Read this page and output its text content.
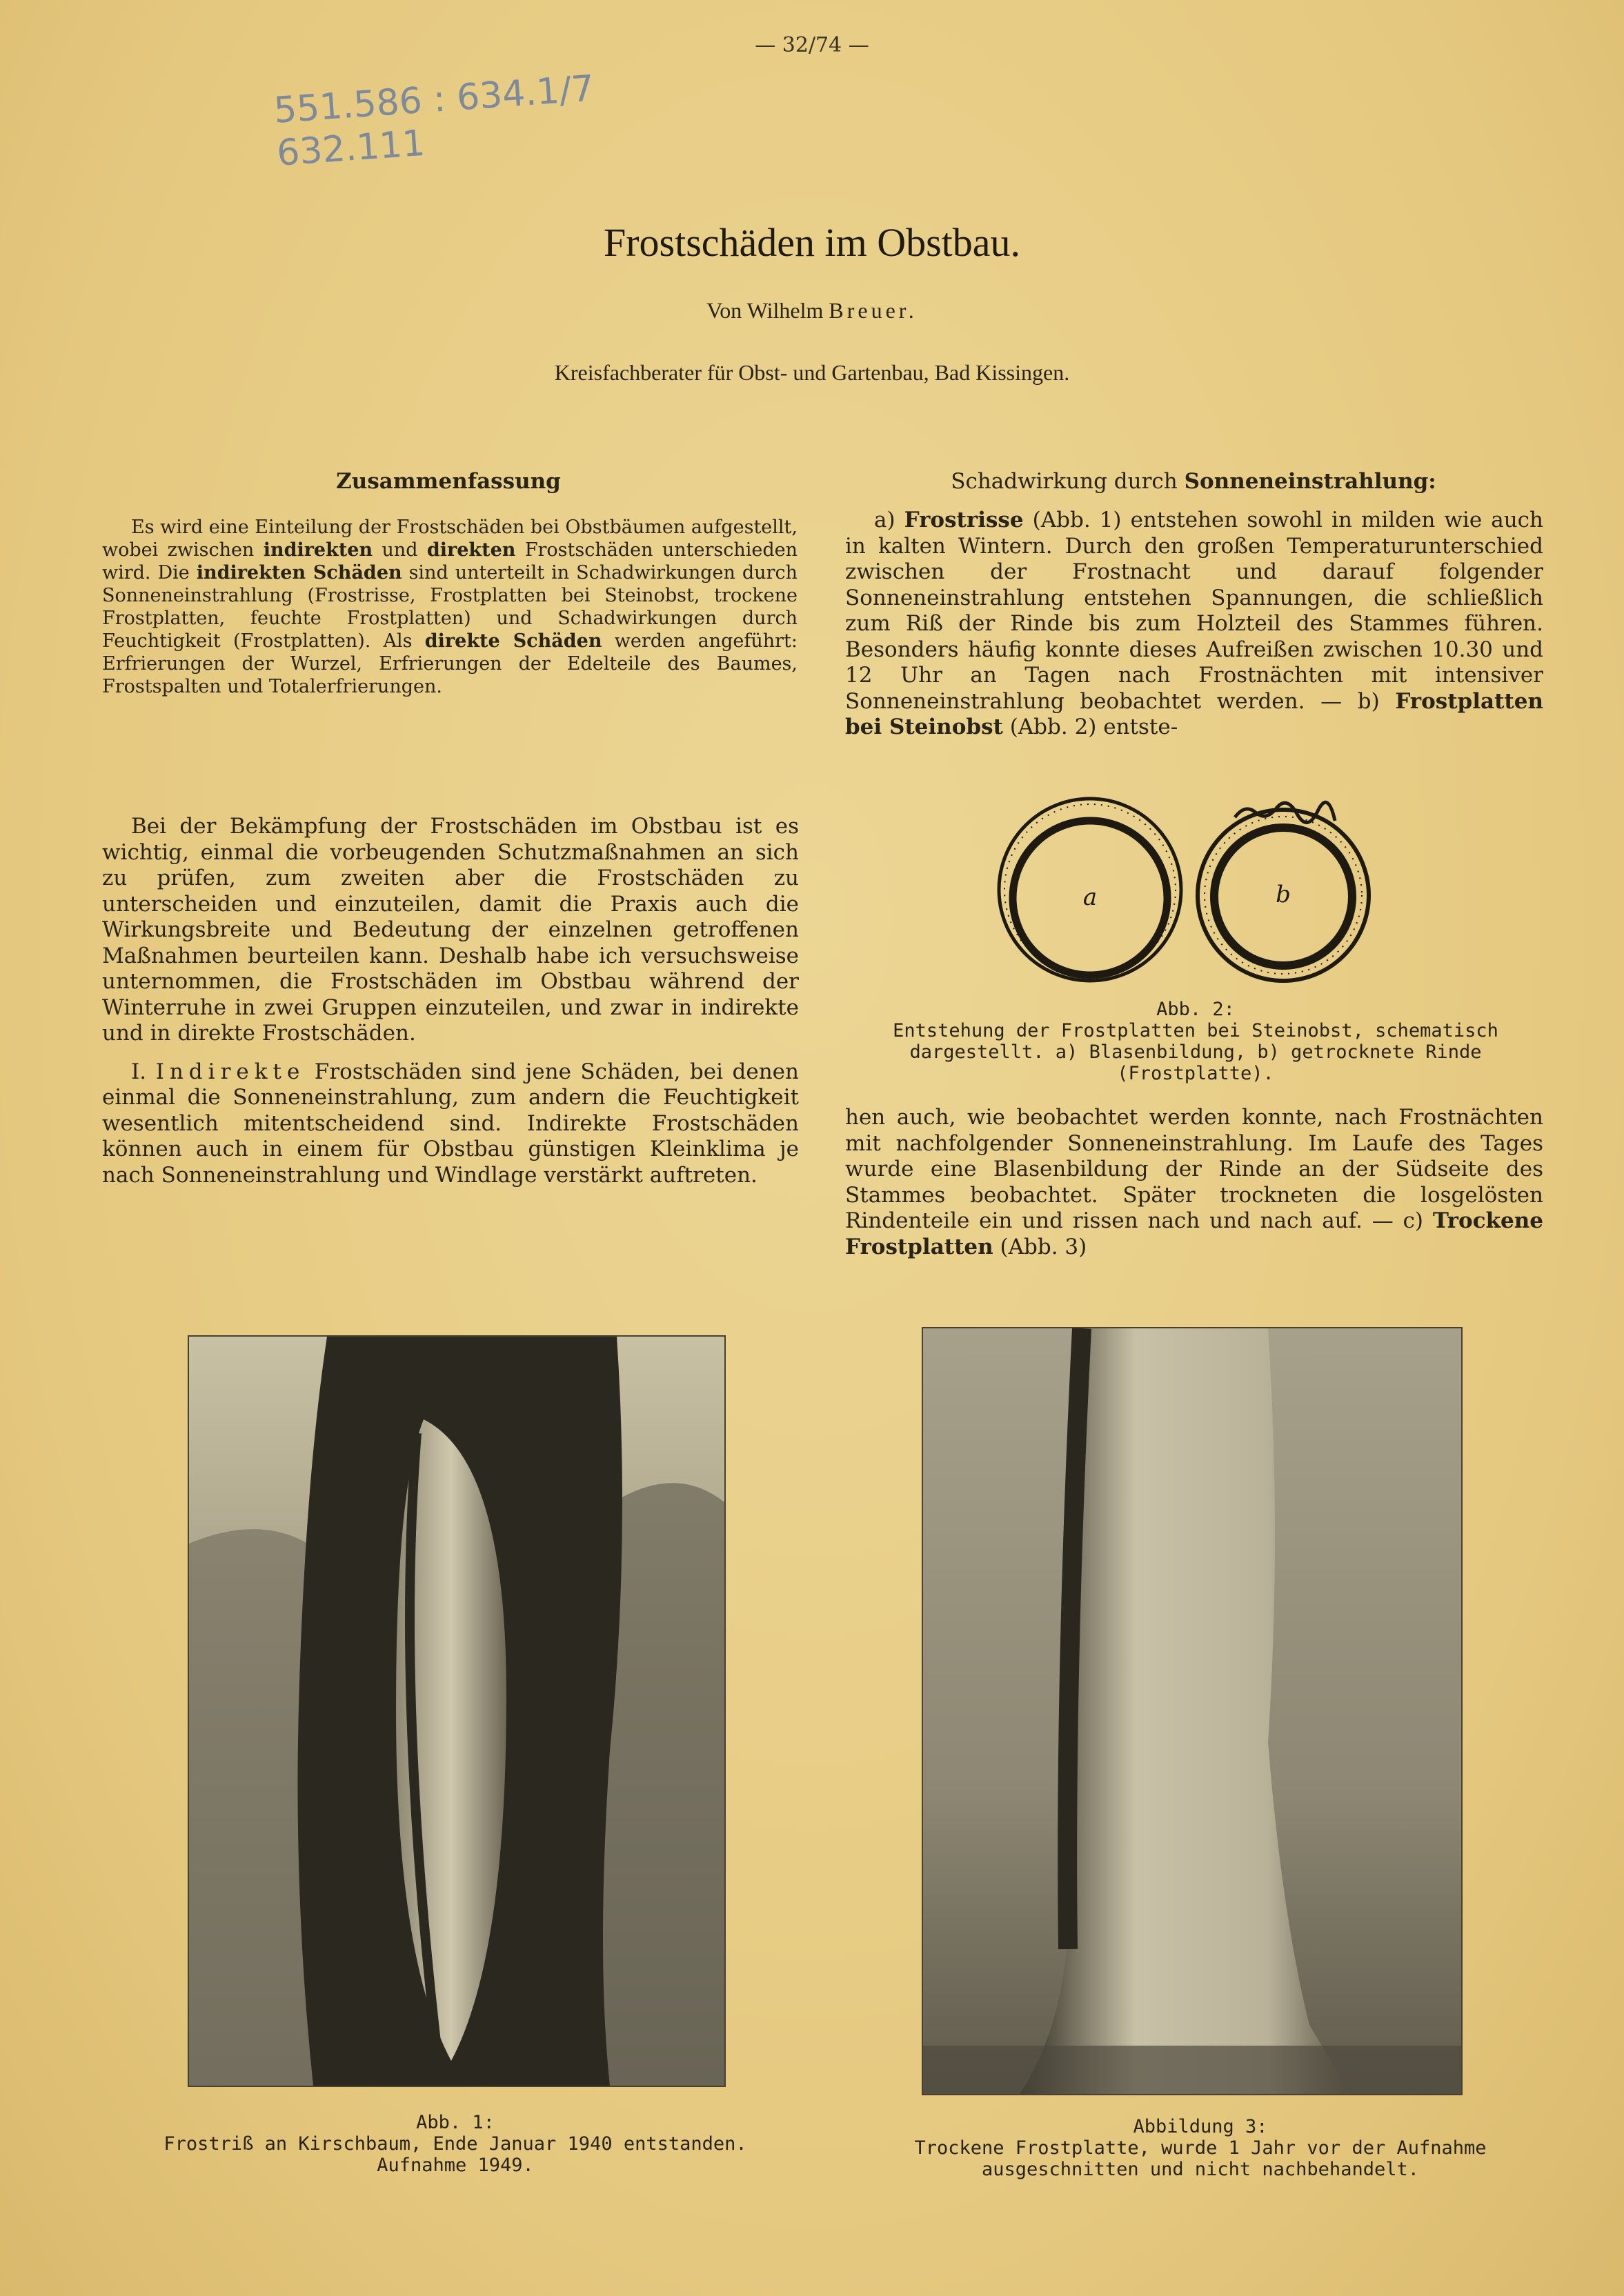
— 32/74 —
551.586 : 634.1/7
632.111
Frostschäden im Obstbau.
Von Wilhelm Breuer.
Kreisfachberater für Obst- und Gartenbau, Bad Kissingen.
Zusammenfassung

Es wird eine Einteilung der Frostschäden bei Obstbäumen aufgestellt, wobei zwischen indirekten und direkten Frostschäden unterschieden wird. Die indirekten Schäden sind unterteilt in Schadwirkungen durch Sonneneinstrahlung (Frostrisse, Frostplatten bei Steinobst, trockene Frostplatten, feuchte Frostplatten) und Schadwirkungen durch Feuchtigkeit (Frostplatten). Als direkte Schäden werden angeführt: Erfrierungen der Wurzel, Erfrierungen der Edelteile des Baumes, Frostspalten und Totalerfrierungen.

Bei der Bekämpfung der Frostschäden im Obstbau ist es wichtig, einmal die vorbeugenden Schutzmaßnahmen an sich zu prüfen, zum zweiten aber die Frostschäden zu unterscheiden und einzuteilen, damit die Praxis auch die Wirkungsbreite und Bedeutung der einzelnen getroffenen Maßnahmen beurteilen kann. Deshalb habe ich versuchsweise unternommen, die Frostschäden im Obstbau während der Winterruhe in zwei Gruppen einzuteilen, und zwar in indirekte und in direkte Frostschäden.

I. Indirekte Frostschäden sind jene Schäden, bei denen einmal die Sonneneinstrahlung, zum andern die Feuchtigkeit wesentlich mitentscheidend sind. Indirekte Frostschäden können auch in einem für Obstbau günstigen Kleinklima je nach Sonneneinstrahlung und Windlage verstärkt auftreten.

Schadwirkung durch Sonneneinstrahlung:

a) Frostrisse (Abb. 1) entstehen sowohl in milden wie auch in kalten Wintern. Durch den großen Temperaturunterschied zwischen der Frostnacht und darauf folgender Sonneneinstrahlung entstehen Spannungen, die schließlich zum Riß der Rinde bis zum Holzteil des Stammes führen. Besonders häufig konnte dieses Aufreißen zwischen 10.30 und 12 Uhr an Tagen nach Frostnächten mit intensiver Sonneneinstrahlung beobachtet werden. — b) Frostplatten bei Steinobst (Abb. 2) entste-

a	b
Abb. 2:
Entstehung der Frostplatten bei Steinobst, schematisch dargestellt. a) Blasenbildung, b) getrocknete Rinde (Frostplatte).

hen auch, wie beobachtet werden konnte, nach Frostnächten mit nachfolgender Sonneneinstrahlung. Im Laufe des Tages wurde eine Blasenbildung der Rinde an der Südseite des Stammes beobachtet. Später trockneten die losgelösten Rindenteile ein und rissen nach und nach auf. — c) Trockene Frostplatten (Abb. 3)

Abb. 1:
Frostriß an Kirschbaum, Ende Januar 1940 entstanden.
Aufnahme 1949.
Abbildung 3:
Trockene Frostplatte, wurde 1 Jahr vor der Aufnahme
ausgeschnitten und nicht nachbehandelt.
